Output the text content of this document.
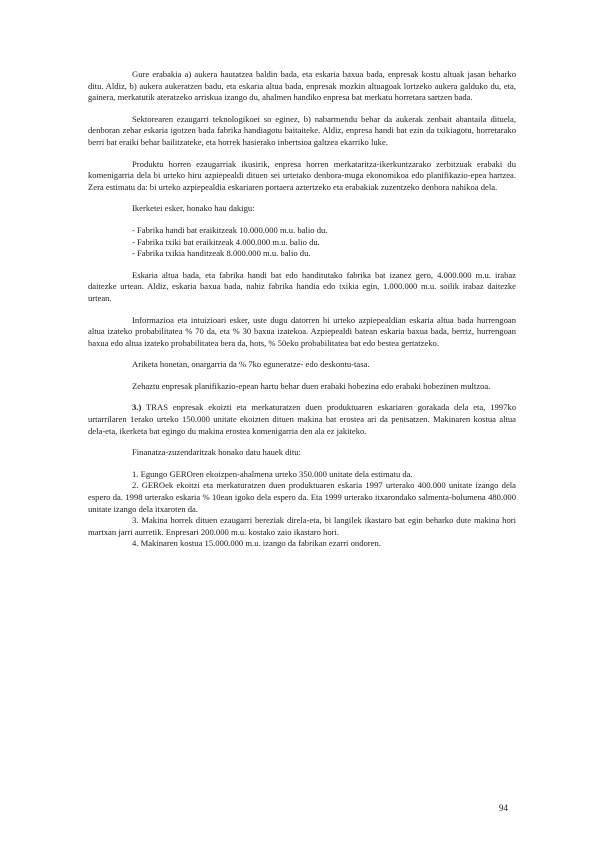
Gure erabakia a) aukera hautatzea baldin bada, eta eskaria baxua bada, enpresak kostu altuak jasan beharko ditu. Aldiz, b) aukera aukeratzen badu, eta eskaria altua bada, enpresak mozkin altuagoak lortzeko aukera galduko du, eta, gainera, merkatutik ateratzeko arriskua izango du, ahalmen handiko enpresa bat merkatu horretara sartzen bada.

Sektorearen ezaugarri teknologikoei so eginez, b) nabarmendu behar da aukerak zenbait abantaila dituela, denboran zehar eskaria igotzen bada fabrika handiagotu baitaiteke. Aldiz, enpresa handi bat ezin da txikiagotu, horretarako berri bat eraiki behar bailitzateke, eta horrek hasierako inbertsioa galtzea ekarriko luke.

Produktu horren ezaugarriak ikusirik, enpresa horren merkataritza-ikerkuntzarako zerbitzuak erabaki du komenigarria dela bi urteko hiru azpiepealdi dituen sei urtetako denbora-muga ekonomikoa edo planifikazio-epea hartzea. Zera estimatu da: bi urteko azpiepealdia eskariaren portaera aztertzeko eta erabakiak zuzentzeko denbora nahikoa dela.

Ikerketei esker, honako hau dakigu:

- Fabrika handi bat eraikitzeak 10.000.000 m.u. balio du.

- Fabrika txiki bat eraikitzeak 4.000.000 m.u. balio du.

- Fabrika txikia handitzeak 8.000.000 m.u. balio du.

Eskaria altua bada, eta fabrika handi bat edo handitutako fabrika bat izanez gero, 4.000.000 m.u. irabaz daitezke urtean. Aldiz, eskaria baxua bada, nahiz fabrika handia edo txikia egin, 1.000.000 m.u. soilik irabaz daitezke urtean.

Informazioa eta intuizioari esker, uste dugu datorren bi urteko azpiepealdian eskaria altua bada hurrengoan altua izateko probabilitatea % 70 da, eta % 30 baxua izatekoa. Azpiepealdi batean eskaria baxua bada, berriz, hurrengoan baxua edo altua izateko probabilitatea bera da, hots, % 50eko probabilitatea bat edo bestea gertatzeko.

Ariketa honetan, onargarria da % 7ko eguneratze- edo deskontu-tasa.

Zehaztu enpresak planifikazio-epean hartu behar duen erabaki hobezina edo erabaki hobezinen multzoa.

3.) TRAS enpresak ekoizti eta merkaturatzen duen produktuaren eskariaren gorakada dela eta, 1997ko urtarrilaren 1erako urteko 150.000 unitate ekoizten dituen makina bat erostea ari da pentsatzen. Makinaren kostua altua dela-eta, ikerketa bat egingo du makina erostea komenigarria den ala ez jakiteko.

Finanatza-zuzendaritzak honako datu hauek ditu:

1. Egungo GEROren ekoizpen-ahalmena urteko 350.000 unitate dela estimatu da.

2. GEROek ekoitzi eta merkaturatzen duen produktuaren eskaria 1997 urterako 400.000 unitate izango dela espero da. 1998 urterako eskaria % 10ean igoko dela espero da. Eta 1999 urterako itxarondako salmenta-bolumena 480.000 unitate izango dela itxaroten da.

3. Makina horrek dituen ezaugarri bereziak direla-eta, bi langilek ikastaro bat egin beharko dute makina hori martxan jarri aurretik. Enpresari 200.000 m.u. kostako zaio ikastaro hori.

4. Makinaren kostua 15.000.000 m.u. izango da fabrikan ezarri ondoren.

94
